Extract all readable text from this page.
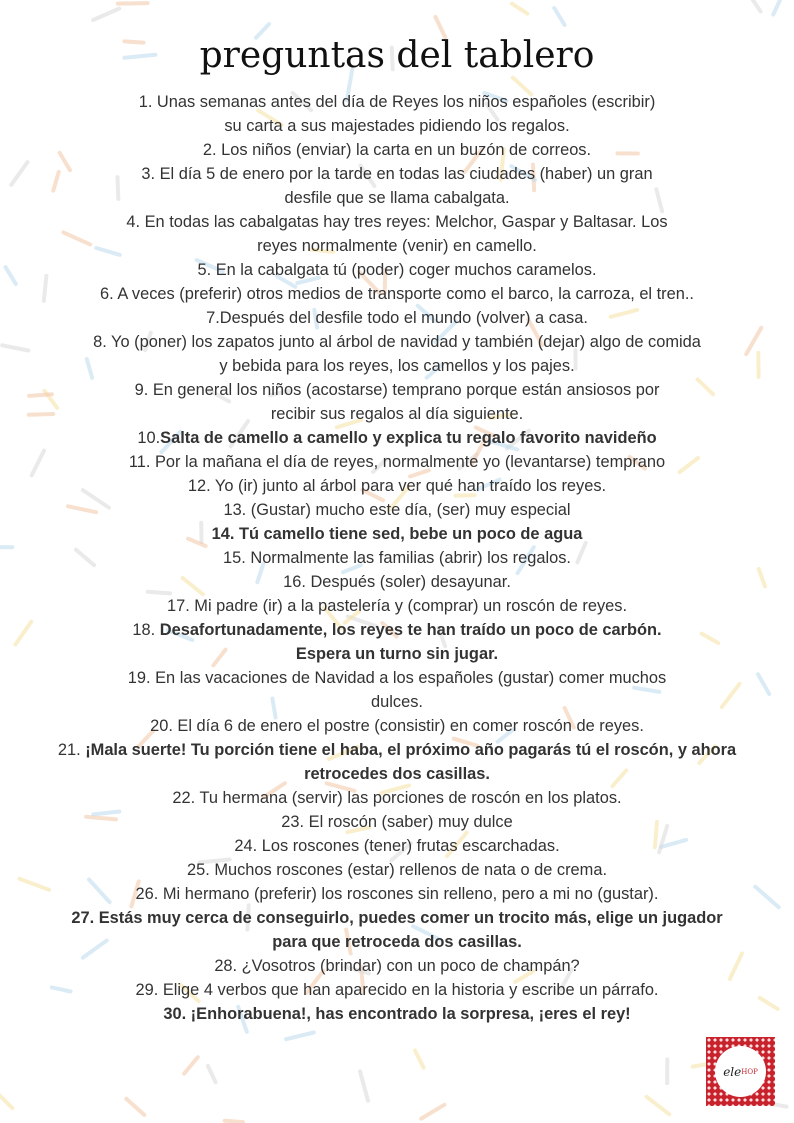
preguntas del tablero
1. Unas semanas antes del día de Reyes los niños españoles (escribir)
su carta a sus majestades pidiendo los regalos.
2. Los niños (enviar) la carta en un buzón de correos.
3. El día 5 de enero por la tarde en todas las ciudades (haber) un gran
desfile que se llama cabalgata.
4. En todas las cabalgatas hay tres reyes: Melchor, Gaspar y Baltasar. Los
reyes normalmente (venir) en camello.
5. En la cabalgata tú (poder) coger muchos caramelos.
6. A veces (preferir) otros medios de transporte como el barco, la carroza, el tren..
7.Después del desfile todo el mundo (volver) a casa.
8. Yo (poner) los zapatos junto al árbol de navidad y también (dejar) algo de comida
y bebida para los reyes, los camellos y los pajes.
9. En general los niños (acostarse) temprano porque están ansiosos por
recibir sus regalos al día siguiente.
10.Salta de camello a camello y explica tu regalo favorito navideño
11. Por la mañana el día de reyes, normalmente yo (levantarse) temprano
12. Yo (ir) junto al árbol para ver qué han traído los reyes.
13. (Gustar) mucho este día, (ser) muy especial
14. Tú camello tiene sed, bebe un poco de agua
15. Normalmente las familias (abrir) los regalos.
16. Después (soler) desayunar.
17. Mi padre (ir) a la pastelería y (comprar) un roscón de reyes.
18. Desafortunadamente, los reyes te han traído un poco de carbón.
Espera un turno sin jugar.
19. En las vacaciones de Navidad a los españoles (gustar) comer muchos
dulces.
20. El día 6 de enero el postre (consistir) en comer roscón de reyes.
21. ¡Mala suerte! Tu porción tiene el haba, el próximo año pagarás tú el roscón, y ahora
retrocedes dos casillas.
22. Tu hermana (servir) las porciones de roscón en los platos.
23. El roscón (saber) muy dulce
24. Los roscones (tener) frutas escarchadas.
25. Muchos roscones (estar) rellenos de nata o de crema.
26. Mi hermano (preferir) los roscones sin relleno, pero a mi no (gustar).
27. Estás muy cerca de conseguirlo, puedes comer un trocito más, elige un jugador
para que retroceda dos casillas.
28. ¿Vosotros (brindar) con un poco de champán?
29. Elige 4 verbos que han aparecido en la historia y escribe un párrafo.
30. ¡Enhorabuena!, has encontrado la sorpresa, ¡eres el rey!
ele HOP
